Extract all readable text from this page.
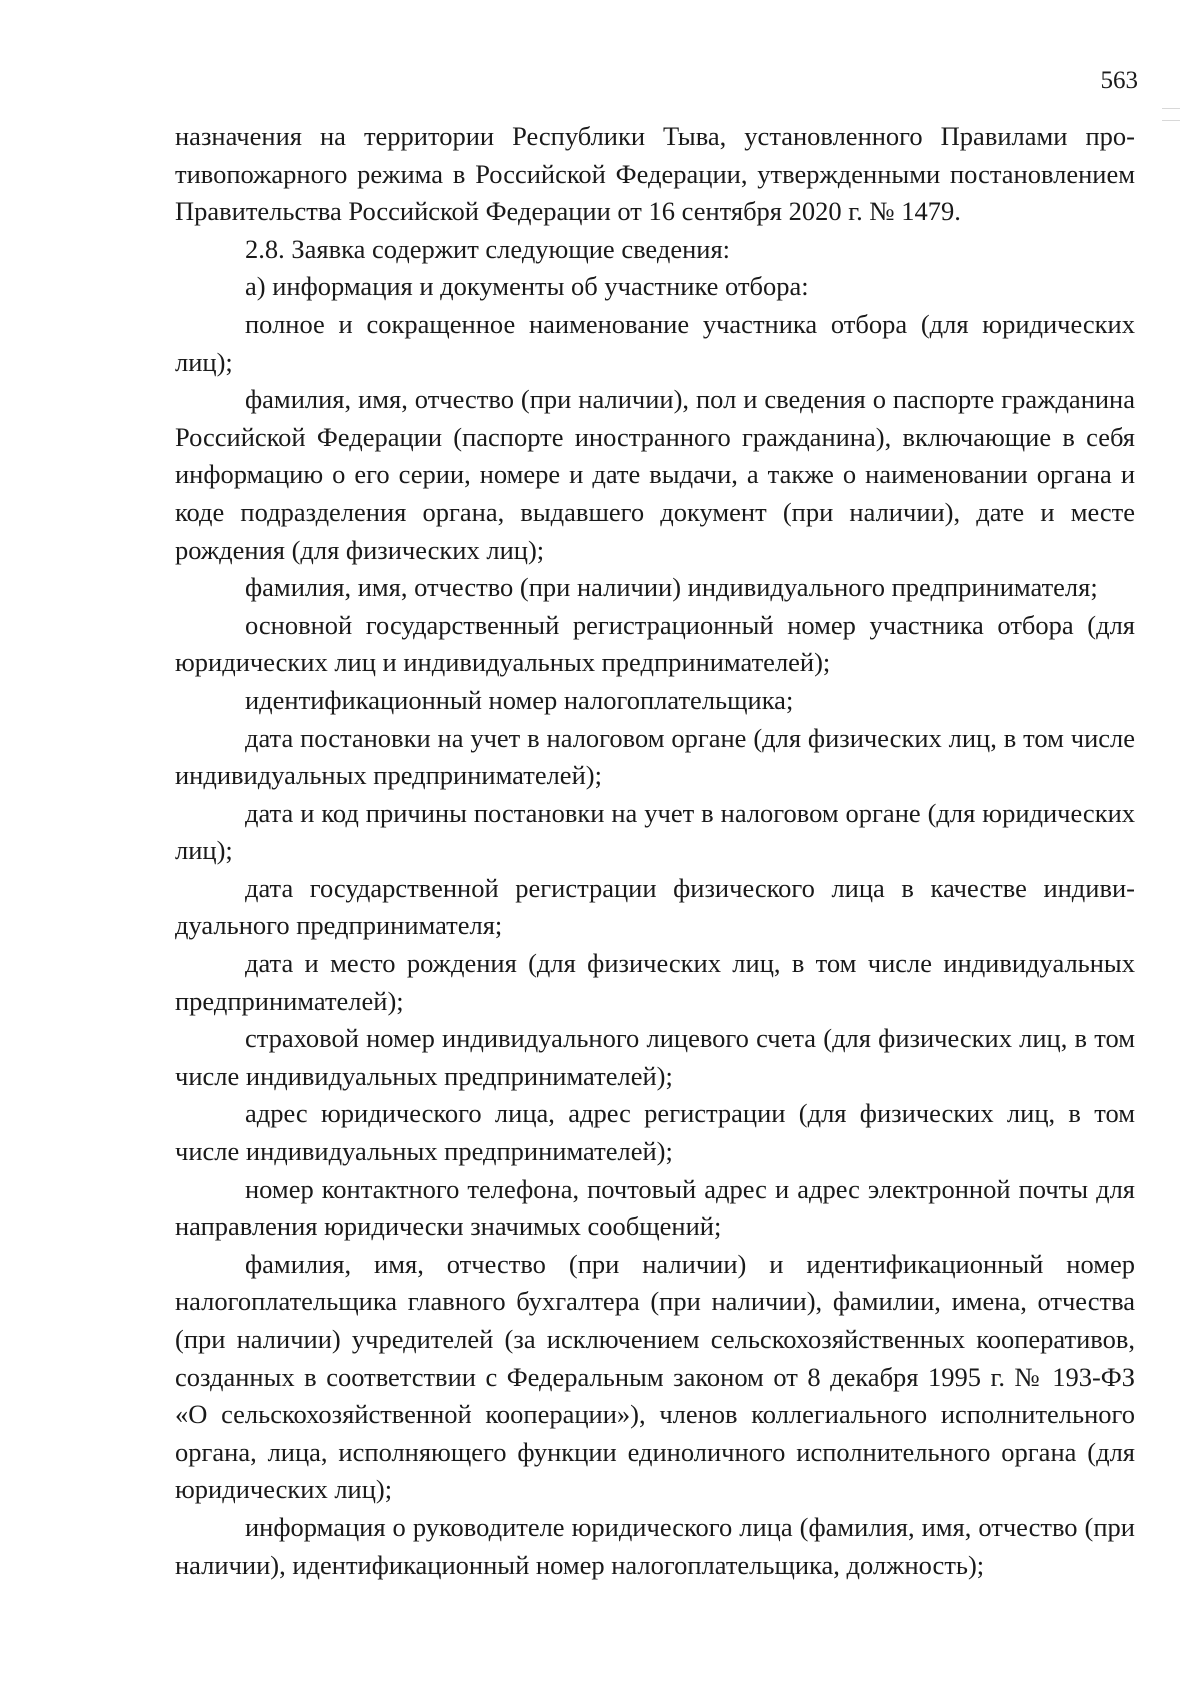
563

назначения на территории Республики Тыва, установленного Правилами противопожарного режима в Российской Федерации, утвержденными постановлением Правительства Российской Федерации от 16 сентября 2020 г. № 1479.

2.8. Заявка содержит следующие сведения:

а) информация и документы об участнике отбора:

полное и сокращенное наименование участника отбора (для юридических лиц);

фамилия, имя, отчество (при наличии), пол и сведения о паспорте гражданина Российской Федерации (паспорте иностранного гражданина), включающие в себя информацию о его серии, номере и дате выдачи, а также о наименовании органа и коде подразделения органа, выдавшего документ (при наличии), дате и месте рождения (для физических лиц);

фамилия, имя, отчество (при наличии) индивидуального предпринимателя;

основной государственный регистрационный номер участника отбора (для юридических лиц и индивидуальных предпринимателей);

идентификационный номер налогоплательщика;

дата постановки на учет в налоговом органе (для физических лиц, в том числе индивидуальных предпринимателей);

дата и код причины постановки на учет в налоговом органе (для юридических лиц);

дата государственной регистрации физического лица в качестве индивидуального предпринимателя;

дата и место рождения (для физических лиц, в том числе индивидуальных предпринимателей);

страховой номер индивидуального лицевого счета (для физических лиц, в том числе индивидуальных предпринимателей);

адрес юридического лица, адрес регистрации (для физических лиц, в том числе индивидуальных предпринимателей);

номер контактного телефона, почтовый адрес и адрес электронной почты для направления юридически значимых сообщений;

фамилия, имя, отчество (при наличии) и идентификационный номер налогоплательщика главного бухгалтера (при наличии), фамилии, имена, отчества (при наличии) учредителей (за исключением сельскохозяйственных кооперативов, созданных в соответствии с Федеральным законом от 8 декабря 1995 г. № 193-ФЗ «О сельскохозяйственной кооперации»), членов коллегиального исполнительного органа, лица, исполняющего функции единоличного исполнительного органа (для юридических лиц);

информация о руководителе юридического лица (фамилия, имя, отчество (при наличии), идентификационный номер налогоплательщика, должность);
